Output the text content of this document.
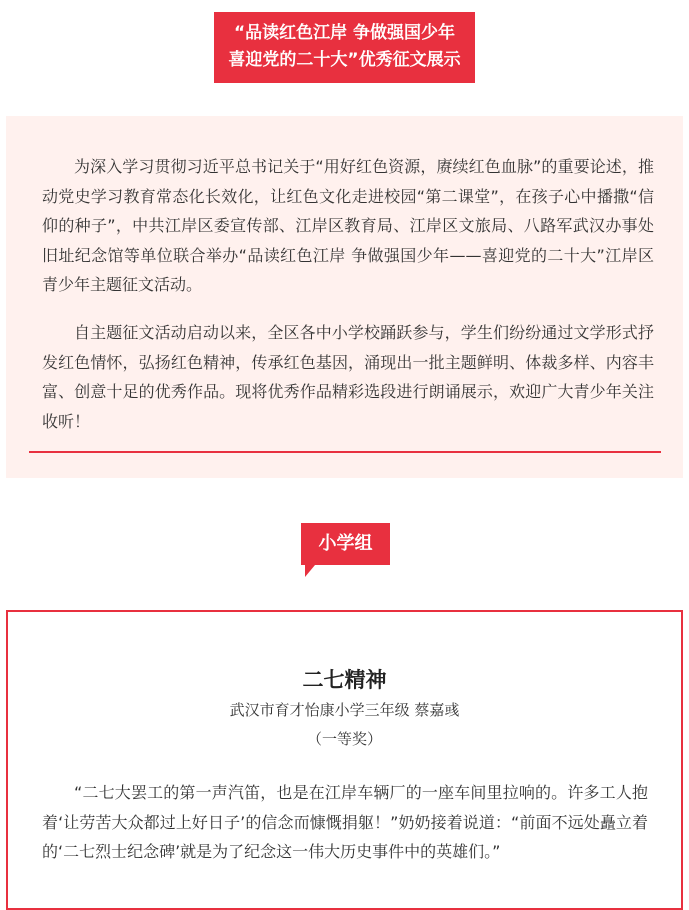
“品读红色江岸 争做强国少年
喜迎党的二十大”优秀征文展示

为深入学习贯彻习近平总书记关于“用好红色资源，赓续红色血脉”的重要论述，推动党史学习教育常态化长效化，让红色文化走进校园“第二课堂”，在孩子心中播撒“信仰的种子”，中共江岸区委宣传部、江岸区教育局、江岸区文旅局、八路军武汉办事处旧址纪念馆等单位联合举办“品读红色江岸 争做强国少年——喜迎党的二十大”江岸区青少年主题征文活动。

自主题征文活动启动以来，全区各中小学校踊跃参与，学生们纷纷通过文学形式抒发红色情怀，弘扬红色精神，传承红色基因，涌现出一批主题鲜明、体裁多样、内容丰富、创意十足的优秀作品。现将优秀作品精彩选段进行朗诵展示，欢迎广大青少年关注收听！

小学组
二七精神
武汉市育才怡康小学三年级 蔡嘉彧
（一等奖）

“二七大罢工的第一声汽笛，也是在江岸车辆厂的一座车间里拉响的。许多工人抱着‘让劳苦大众都过上好日子’的信念而慷慨捐躯！”奶奶接着说道：“前面不远处矗立着的‘二七烈士纪念碑’就是为了纪念这一伟大历史事件中的英雄们。”
